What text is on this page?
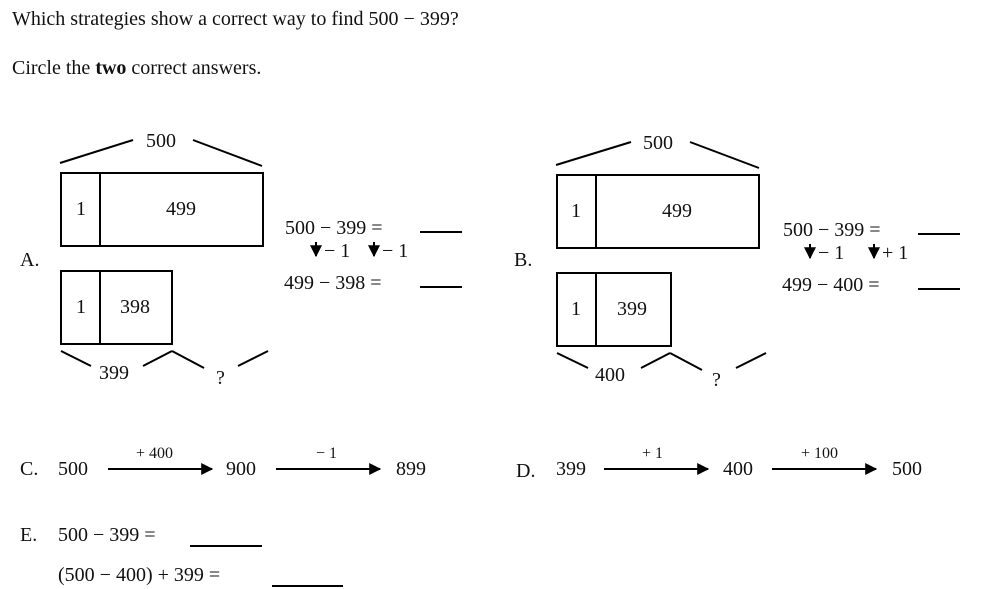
Which strategies show a correct way to find 500 − 399?
Circle the two correct answers.
A.
500
1	499
1 398
399	?
500 − 399 =
− 1 − 1
499 − 398 =
B.
500
1	499
1 399
400	?
500 − 399 =
− 1 + 1
499 − 400 =
C. 500
+ 400
900
− 1
899	D. 399
+ 1
400
+ 100
500
E. 500 − 399 =
(500 − 400) + 399 =
